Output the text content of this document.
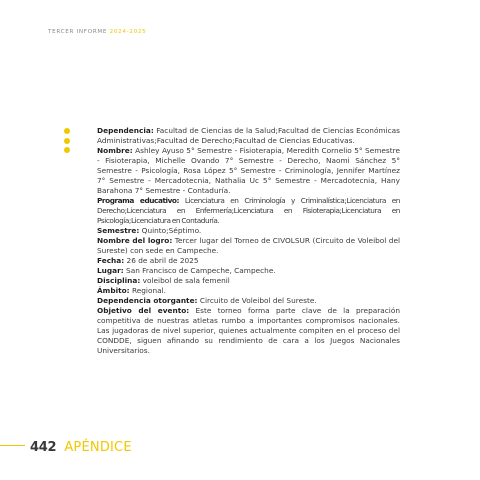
TERCER INFORME 2024-2025

Dependencia: Facultad de Ciencias de la Salud;Facultad de Ciencias Económicas Administrativas;Facultad de Derecho;Facultad de Ciencias Educativas.

Nombre: Ashley Ayuso 5° Semestre - Fisioterapia, Meredith Cornelio 5° Semestre - Fisioterapia, Michelle Ovando 7° Semestre - Derecho, Naomi Sánchez 5° Semestre - Psicología, Rosa López 5° Semestre - Criminología, Jennifer Martínez 7° Semestre - Mercadotecnia, Nathalia Uc 5° Semestre - Mercadotecnia, Hany Barahona 7° Semestre - Contaduría.

Programa educativo: Licenciatura en Criminología y Criminalística;Licenciatura en Derecho;Licenciatura en Enfermería;Licenciatura en Fisioterapia;Licenciatura en Psicología;Licenciatura en Contaduría.

Semestre: Quinto;Séptimo.

Nombre del logro: Tercer lugar del Torneo de CIVOLSUR (Circuito de Voleibol del Sureste) con sede en Campeche.

Fecha: 26 de abril de 2025

Lugar: San Francisco de Campeche, Campeche.

Disciplina: voleibol de sala femenil

Ámbito: Regional.

Dependencia otorgante: Circuito de Voleibol del Sureste.

Objetivo del evento: Este torneo forma parte clave de la preparación competitiva de nuestras atletas rumbo a importantes compromisos nacionales. Las jugadoras de nivel superior, quienes actualmente compiten en el proceso del CONDDE, siguen afinando su rendimiento de cara a los Juegos Nacionales Universitarios.

442 APÉNDICE
